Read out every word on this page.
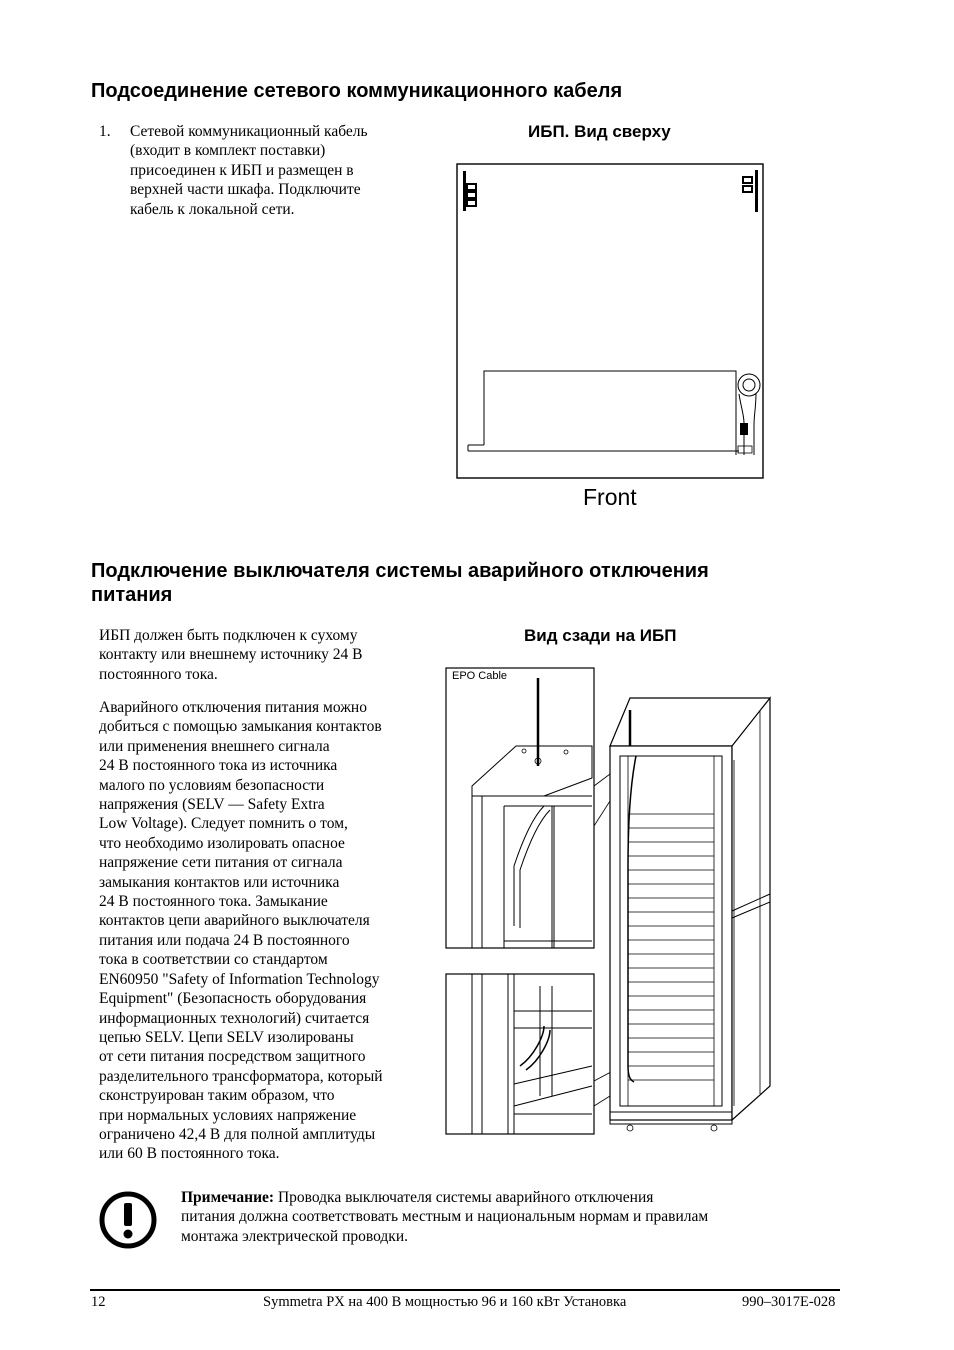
Подсоединение сетевого коммуникационного кабеля
1. Сетевой коммуникационный кабель

(входит в комплект поставки)

присоединен к ИБП и размещен в

верхней части шкафа. Подключите

кабель к локальной сети.

ИБП. Вид сверху
Front
Подключение выключателя системы аварийного отключения
питания

ИБП должен быть подключен к сухому

контакту или внешнему источнику 24 В

постоянного тока.

Аварийного отключения питания можно

добиться с помощью замыкания контактов

или применения внешнего сигнала

24 В постоянного тока из источника

малого по условиям безопасности

напряжения (SELV — Safety Extra

Low Voltage). Следует помнить о том,

что необходимо изолировать опасное

напряжение сети питания от сигнала

замыкания контактов или источника

24 В постоянного тока. Замыкание

контактов цепи аварийного выключателя

питания или подача 24 В постоянного

тока в соответствии со стандартом

EN60950 "Safety of Information Technology

Equipment" (Безопасность оборудования

информационных технологий) считается

цепью SELV. Цепи SELV изолированы

от сети питания посредством защитного

разделительного трансформатора, который

сконструирован таким образом, что

при нормальных условиях напряжение

ограничено 42,4 В для полной амплитуды

или 60 В постоянного тока.

Вид сзади на ИБП
EPO Cable

Примечание: Проводка выключателя системы аварийного отключения

питания должна соответствовать местным и национальным нормам и правилам

монтажа электрической проводки.

12	Symmetra PX на 400 В мощностью 96 и 160 кВт Установка	990–3017E-028
